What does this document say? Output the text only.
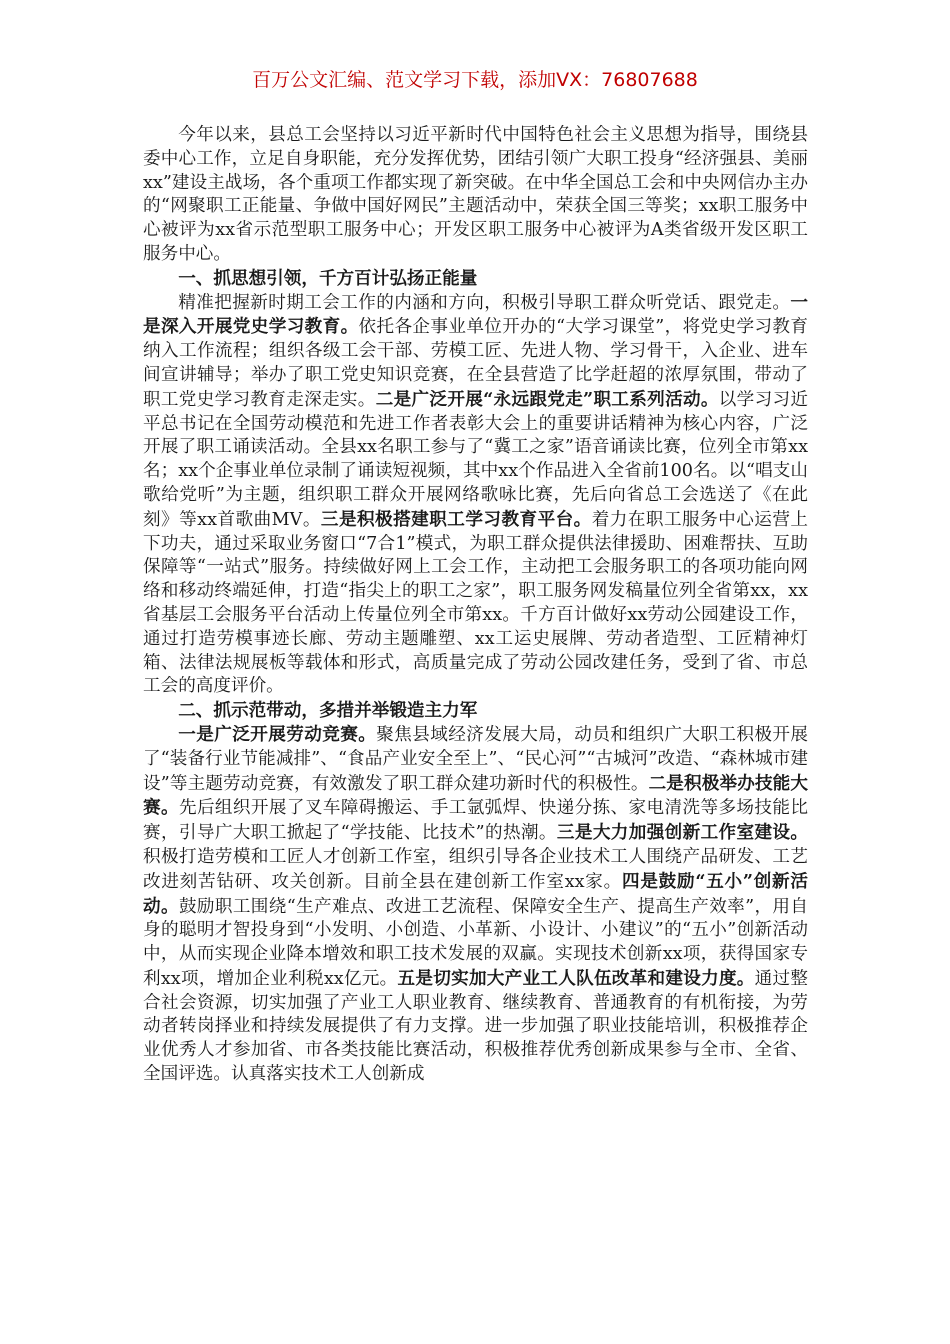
百万公文汇编、范文学习下载，添加VX：76807688

今年以来，县总工会坚持以习近平新时代中国特色社会主义思想为指导，围绕县委中心工作，立足自身职能，充分发挥优势，团结引领广大职工投身“经济强县、美丽xx”建设主战场，各个重项工作都实现了新突破。在中华全国总工会和中央网信办主办的“网聚职工正能量、争做中国好网民”主题活动中，荣获全国三等奖；xx职工服务中心被评为xx省示范型职工服务中心；开发区职工服务中心被评为A类省级开发区职工服务中心。

一、抓思想引领，千方百计弘扬正能量

精准把握新时期工会工作的内涵和方向，积极引导职工群众听党话、跟党走。一是深入开展党史学习教育。依托各企事业单位开办的“大学习课堂”，将党史学习教育纳入工作流程；组织各级工会干部、劳模工匠、先进人物、学习骨干，入企业、进车间宣讲辅导；举办了职工党史知识竞赛，在全县营造了比学赶超的浓厚氛围，带动了职工党史学习教育走深走实。二是广泛开展“永远跟党走”职工系列活动。以学习习近平总书记在全国劳动模范和先进工作者表彰大会上的重要讲话精神为核心内容，广泛开展了职工诵读活动。全县xx名职工参与了“冀工之家”语音诵读比赛，位列全市第xx名；xx个企事业单位录制了诵读短视频，其中xx个作品进入全省前100名。以“唱支山歌给党听”为主题，组织职工群众开展网络歌咏比赛，先后向省总工会选送了《在此刻》等xx首歌曲MV。三是积极搭建职工学习教育平台。着力在职工服务中心运营上下功夫，通过采取业务窗口“7合1”模式，为职工群众提供法律援助、困难帮扶、互助保障等“一站式”服务。持续做好网上工会工作，主动把工会服务职工的各项功能向网络和移动终端延伸，打造“指尖上的职工之家”，职工服务网发稿量位列全省第xx，xx省基层工会服务平台活动上传量位列全市第xx。千方百计做好xx劳动公园建设工作，通过打造劳模事迹长廊、劳动主题雕塑、xx工运史展牌、劳动者造型、工匠精神灯箱、法律法规展板等载体和形式，高质量完成了劳动公园改建任务，受到了省、市总工会的高度评价。

二、抓示范带动，多措并举锻造主力军

一是广泛开展劳动竞赛。聚焦县域经济发展大局，动员和组织广大职工积极开展了“装备行业节能减排”、“食品产业安全至上”、“民心河”“古城河”改造、“森林城市建设”等主题劳动竞赛，有效激发了职工群众建功新时代的积极性。二是积极举办技能大赛。先后组织开展了叉车障碍搬运、手工氩弧焊、快递分拣、家电清洗等多场技能比赛，引导广大职工掀起了“学技能、比技术”的热潮。三是大力加强创新工作室建设。积极打造劳模和工匠人才创新工作室，组织引导各企业技术工人围绕产品研发、工艺改进刻苦钻研、攻关创新。目前全县在建创新工作室xx家。四是鼓励“五小”创新活动。鼓励职工围绕“生产难点、改进工艺流程、保障安全生产、提高生产效率”，用自身的聪明才智投身到“小发明、小创造、小革新、小设计、小建议”的“五小”创新活动中，从而实现企业降本增效和职工技术发展的双赢。实现技术创新xx项，获得国家专利xx项，增加企业利税xx亿元。五是切实加大产业工人队伍改革和建设力度。通过整合社会资源，切实加强了产业工人职业教育、继续教育、普通教育的有机衔接，为劳动者转岗择业和持续发展提供了有力支撑。进一步加强了职业技能培训，积极推荐企业优秀人才参加省、市各类技能比赛活动，积极推荐优秀创新成果参与全市、全省、全国评选。认真落实技术工人创新成
